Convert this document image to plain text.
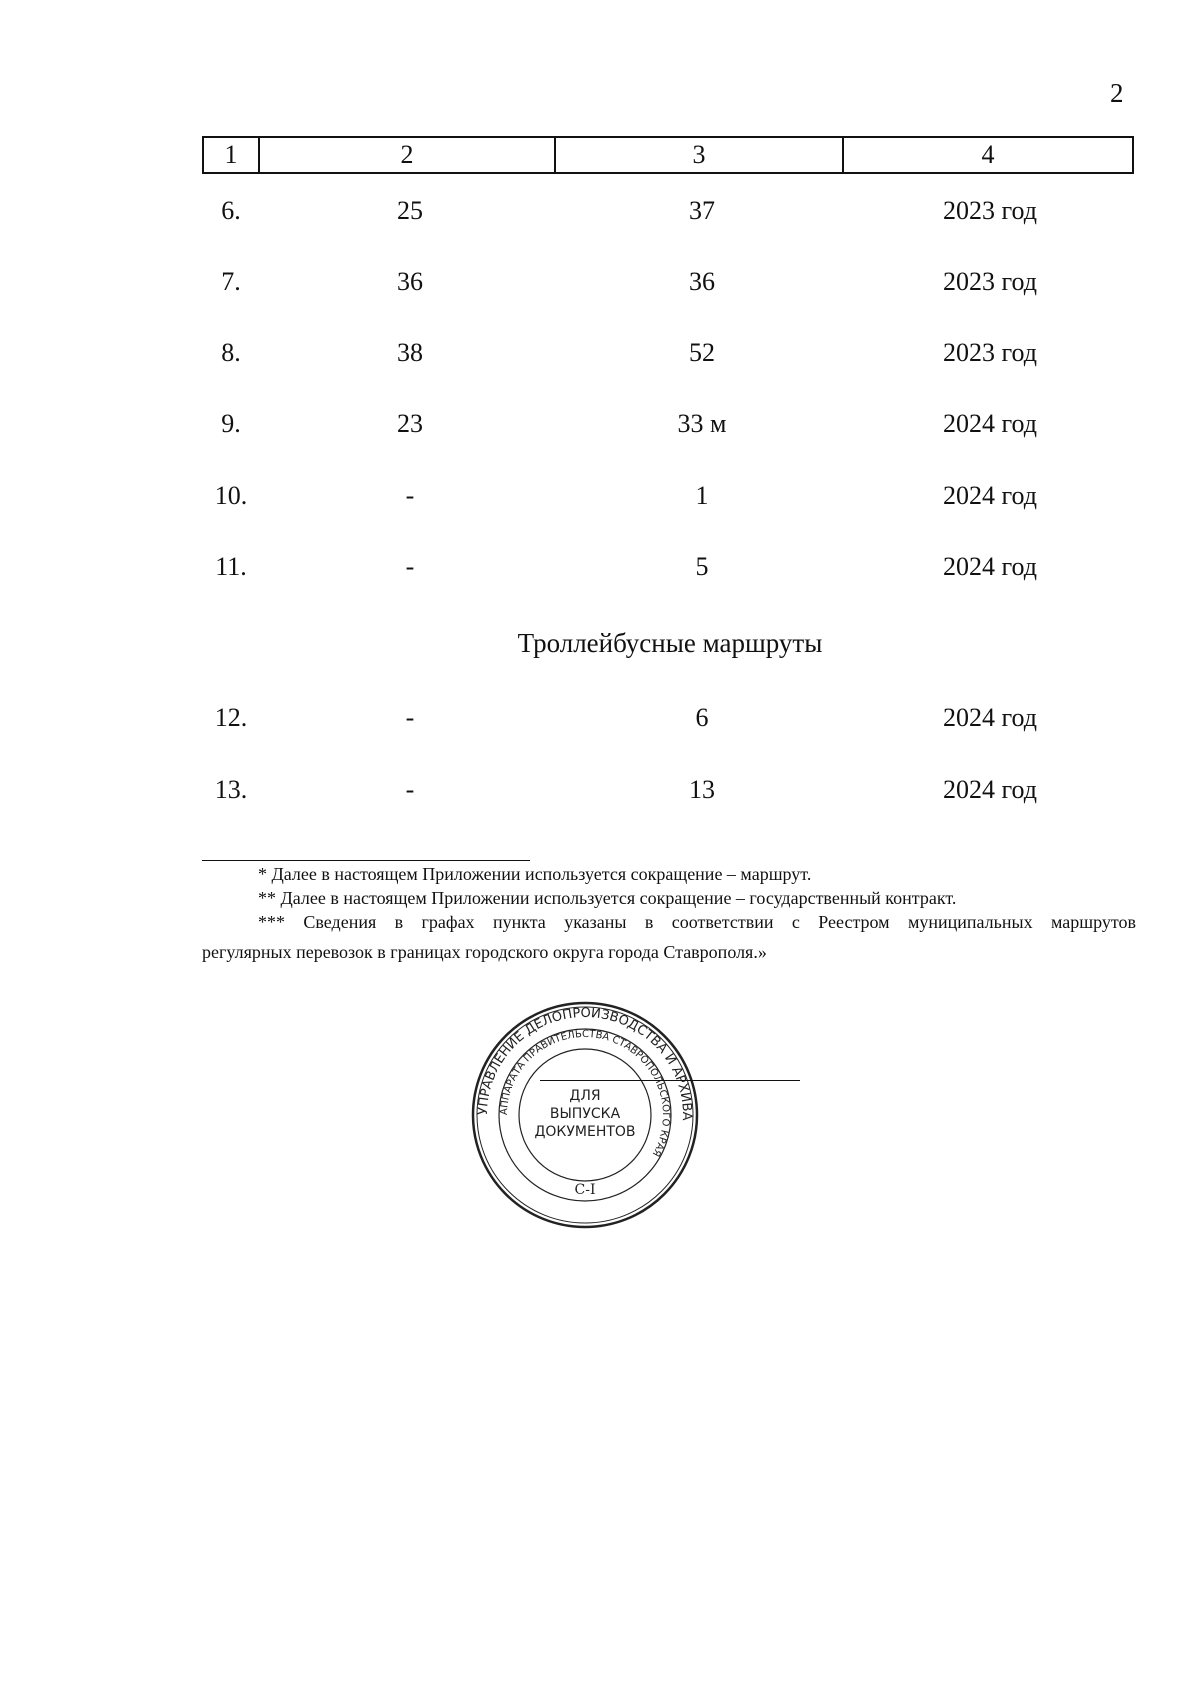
2
1	2	3	4
6.	25	37	2023 год
7.	36	36	2023 год
8.	38	52	2023 год
9.	23	33 м	2024 год
10.	-	1	2024 год
11.	-	5	2024 год
Троллейбусные маршруты
12.	-	6	2024 год
13.	-	13	2024 год
* Далее в настоящем Приложении используется сокращение – маршрут.
** Далее в настоящем Приложении используется сокращение – государственный контракт.
*** Сведения в графах пункта указаны в соответствии с Реестром муниципальных маршрутов
регулярных перевозок в границах городского округа города Ставрополя.»
УПРАВЛЕНИЕ ДЕЛОПРОИЗВОДСТВА И АРХИВА
АППАРАТА ПРАВИТЕЛЬСТВА СТАВРОПОЛЬСКОГО КРАЯ
ДЛЯ
ВЫПУСКА
ДОКУМЕНТОВ
С-I
